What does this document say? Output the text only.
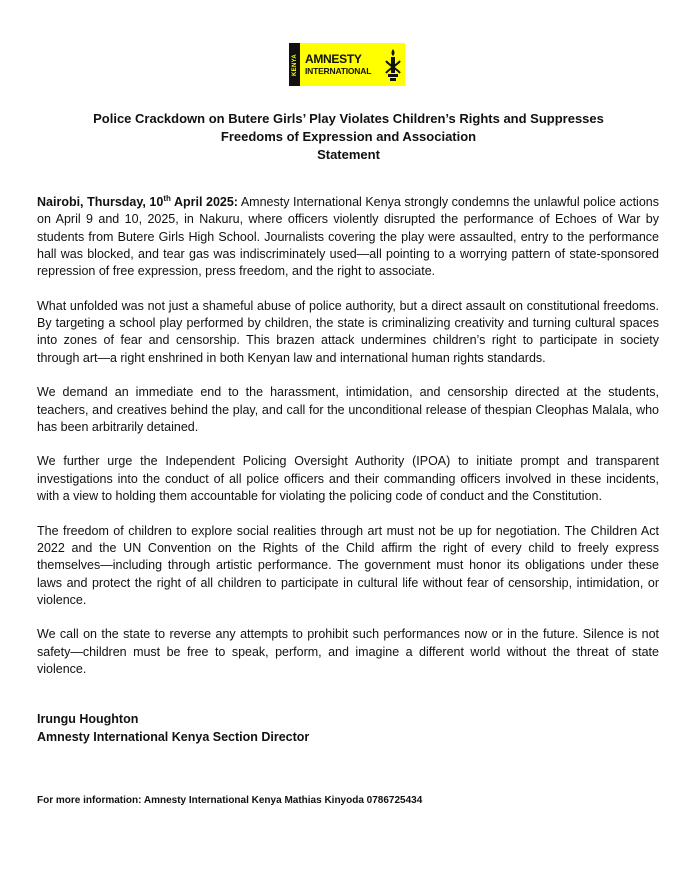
KENYA AMNESTY
INTERNATIONAL
Police Crackdown on Butere Girls’ Play Violates Children’s Rights and Suppresses
Freedoms of Expression and Association
Statement

Nairobi, Thursday, 10th April 2025: Amnesty International Kenya strongly condemns the unlawful police actions on April 9 and 10, 2025, in Nakuru, where officers violently disrupted the performance of Echoes of War by students from Butere Girls High School. Journalists covering the play were assaulted, entry to the performance hall was blocked, and tear gas was indiscriminately used—all pointing to a worrying pattern of state-sponsored repression of free expression, press freedom, and the right to associate.

What unfolded was not just a shameful abuse of police authority, but a direct assault on constitutional freedoms. By targeting a school play performed by children, the state is criminalizing creativity and turning cultural spaces into zones of fear and censorship. This brazen attack undermines children’s right to participate in society through art—a right enshrined in both Kenyan law and international human rights standards.

We demand an immediate end to the harassment, intimidation, and censorship directed at the students, teachers, and creatives behind the play, and call for the unconditional release of thespian Cleophas Malala, who has been arbitrarily detained.

We further urge the Independent Policing Oversight Authority (IPOA) to initiate prompt and transparent investigations into the conduct of all police officers and their commanding officers involved in these incidents, with a view to holding them accountable for violating the policing code of conduct and the Constitution.

The freedom of children to explore social realities through art must not be up for negotiation. The Children Act 2022 and the UN Convention on the Rights of the Child affirm the right of every child to freely express themselves—including through artistic performance. The government must honor its obligations under these laws and protect the right of all children to participate in cultural life without fear of censorship, intimidation, or violence.

We call on the state to reverse any attempts to prohibit such performances now or in the future. Silence is not safety—children must be free to speak, perform, and imagine a different world without the threat of state violence.

Irungu Houghton
Amnesty International Kenya Section Director
For more information: Amnesty International Kenya Mathias Kinyoda 0786725434
